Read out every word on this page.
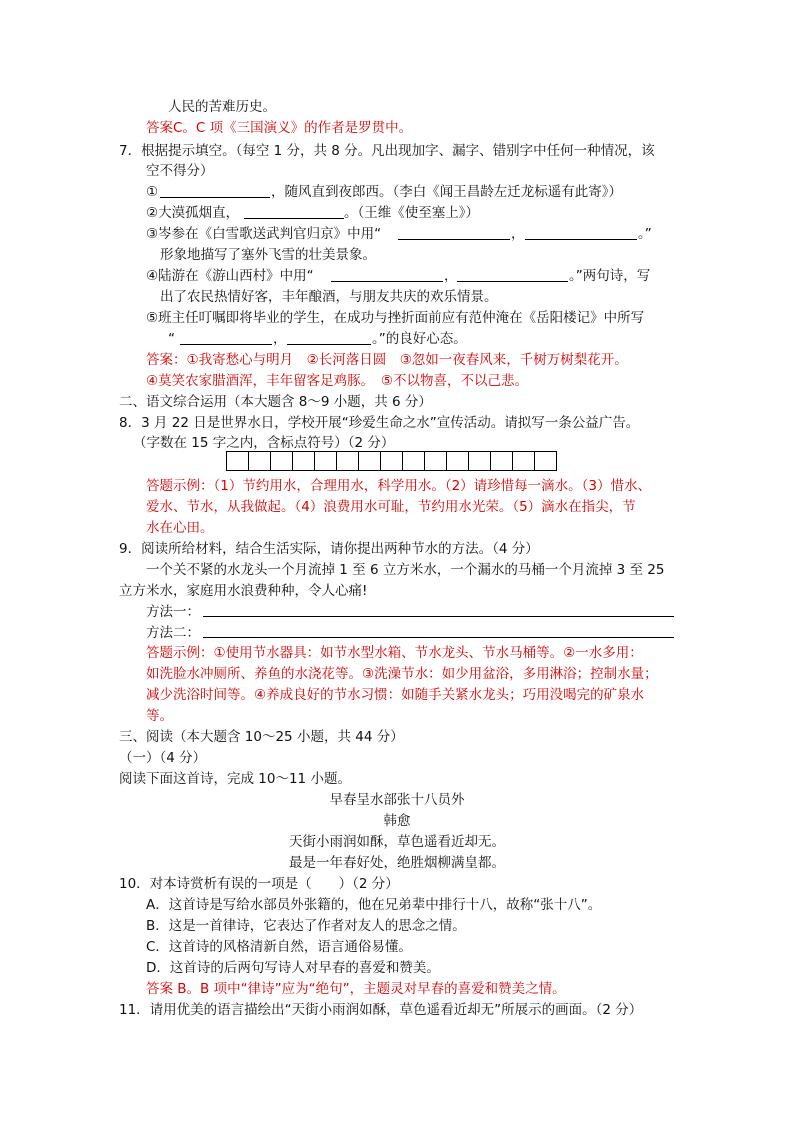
人民的苦难历史。
答案C。C 项《三国演义》的作者是罗贯中。
7．根据提示填空。（每空 1 分，共 8 分。凡出现加字、漏字、错别字中任何一种情况，该
空不得分）
①	，随风直到夜郎西。（李白《闻王昌龄左迁龙标遥有此寄》）
②大漠孤烟直，	。（王维《使至塞上》）
③岑参在《白雪歌送武判官归京》中用“	，	。”
形象地描写了塞外飞雪的壮美景象。
④陆游在《游山西村》中用“	，	。”两句诗，写
出了农民热情好客，丰年酿酒，与朋友共庆的欢乐情景。
⑤班主任叮嘱即将毕业的学生，在成功与挫折面前应有范仲淹在《岳阳楼记》中所写
“	，	。”的良好心态。
答案：①我寄愁心与明月　②长河落日圆　③忽如一夜春风来，千树万树梨花开。
④莫笑农家腊酒浑，丰年留客足鸡豚。　⑤不以物喜，不以己悲。
二、语文综合运用（本大题含 8～9 小题，共 6 分）
8．3 月 22 日是世界水日，学校开展“珍爱生命之水”宣传活动。请拟写一条公益广告。
（字数在 15 字之内，含标点符号）（2 分）
答题示例：（1）节约用水，合理用水，科学用水。（2）请珍惜每一滴水。（3）惜水、
爱水、节水，从我做起。（4）浪费用水可耻，节约用水光荣。（5）滴水在指尖，节
水在心田。
9．阅读所给材料，结合生活实际，请你提出两种节水的方法。（4 分）
一个关不紧的水龙头一个月流掉 1 至 6 立方米水，一个漏水的马桶一个月流掉 3 至 25
立方米水，家庭用水浪费种种，令人心痛!
方法一：
方法二：
答题示例：①使用节水器具：如节水型水箱、节水龙头、节水马桶等。②一水多用：
如洗脸水冲厕所、养鱼的水浇花等。③洗澡节水：如少用盆浴，多用淋浴；控制水量；
减少洗浴时间等。④养成良好的节水习惯：如随手关紧水龙头；巧用没喝完的矿泉水
等。
三、阅读（本大题含 10～25 小题，共 44 分）
（一）（4 分）
阅读下面这首诗，完成 10～11 小题。
早春呈水部张十八员外
韩愈
天街小雨润如酥，草色遥看近却无。
最是一年春好处，绝胜烟柳满皇都。
10．对本诗赏析有误的一项是（　　）（2 分）
A．这首诗是写给水部员外张籍的，他在兄弟辈中排行十八，故称“张十八”。
B．这是一首律诗，它表达了作者对友人的思念之情。
C．这首诗的风格清新自然，语言通俗易懂。
D．这首诗的后两句写诗人对早春的喜爱和赞美。
答案 B。B 项中“律诗”应为“绝句”，主题灵对早春的喜爱和赞美之情。
11．请用优美的语言描绘出“天街小雨润如酥，草色遥看近却无”所展示的画面。（2 分）
